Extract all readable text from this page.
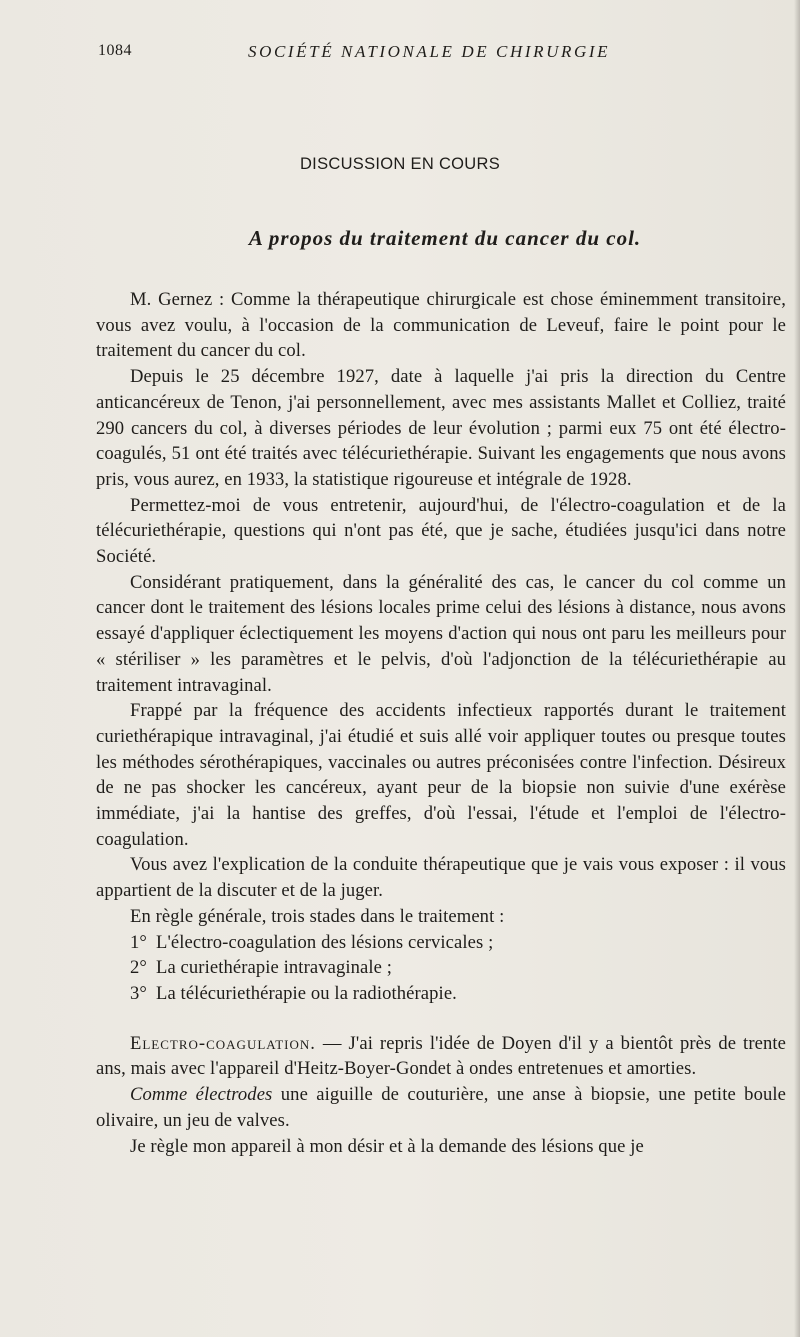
1084	SOCIÉTÉ NATIONALE DE CHIRURGIE
DISCUSSION EN COURS
A propos du traitement du cancer du col.

M. Gernez : Comme la thérapeutique chirurgicale est chose éminemment transitoire, vous avez voulu, à l'occasion de la communication de Leveuf, faire le point pour le traitement du cancer du col.

Depuis le 25 décembre 1927, date à laquelle j'ai pris la direction du Centre anticancéreux de Tenon, j'ai personnellement, avec mes assistants Mallet et Colliez, traité 290 cancers du col, à diverses périodes de leur évolution ; parmi eux 75 ont été électro-coagulés, 51 ont été traités avec télécuriethérapie. Suivant les engagements que nous avons pris, vous aurez, en 1933, la statistique rigoureuse et intégrale de 1928.

Permettez-moi de vous entretenir, aujourd'hui, de l'électro-coagulation et de la télécuriethérapie, questions qui n'ont pas été, que je sache, étudiées jusqu'ici dans notre Société.

Considérant pratiquement, dans la généralité des cas, le cancer du col comme un cancer dont le traitement des lésions locales prime celui des lésions à distance, nous avons essayé d'appliquer éclectiquement les moyens d'action qui nous ont paru les meilleurs pour « stériliser » les paramètres et le pelvis, d'où l'adjonction de la télécuriethérapie au traitement intravaginal.

Frappé par la fréquence des accidents infectieux rapportés durant le traitement curiethérapique intravaginal, j'ai étudié et suis allé voir appliquer toutes ou presque toutes les méthodes sérothérapiques, vaccinales ou autres préconisées contre l'infection. Désireux de ne pas shocker les cancéreux, ayant peur de la biopsie non suivie d'une exérèse immédiate, j'ai la hantise des greffes, d'où l'essai, l'étude et l'emploi de l'électro-coagulation.

Vous avez l'explication de la conduite thérapeutique que je vais vous exposer : il vous appartient de la discuter et de la juger.

En règle générale, trois stades dans le traitement :

1° L'électro-coagulation des lésions cervicales ;

2° La curiethérapie intravaginale ;

3° La télécuriethérapie ou la radiothérapie.

Electro-coagulation. — J'ai repris l'idée de Doyen d'il y a bientôt près de trente ans, mais avec l'appareil d'Heitz-Boyer-Gondet à ondes entretenues et amorties.

Comme électrodes une aiguille de couturière, une anse à biopsie, une petite boule olivaire, un jeu de valves.

Je règle mon appareil à mon désir et à la demande des lésions que je
